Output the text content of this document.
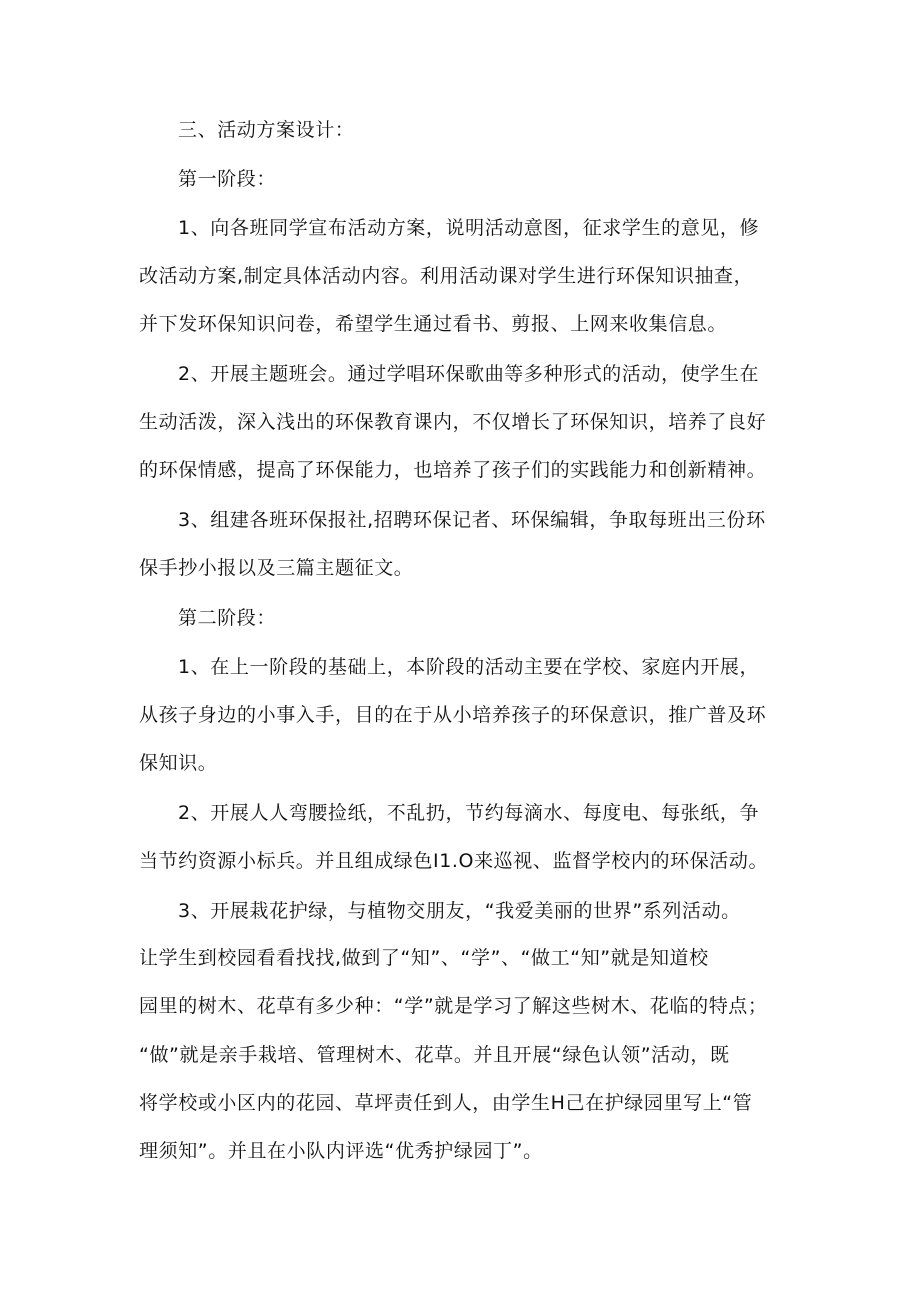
三、活动方案设计：
第一阶段：
1、向各班同学宣布活动方案，说明活动意图，征求学生的意见，修
改活动方案,制定具体活动内容。利用活动课对学生进行环保知识抽查，
并下发环保知识问卷，希望学生通过看书、剪报、上网来收集信息。
2、开展主题班会。通过学唱环保歌曲等多种形式的活动，使学生在
生动活泼，深入浅出的环保教育课内，不仅增长了环保知识，培养了良好
的环保情感，提高了环保能力，也培养了孩子们的实践能力和创新精神。
3、组建各班环保报社,招聘环保记者、环保编辑，争取每班出三份环
保手抄小报以及三篇主题征文。
第二阶段：
1、在上一阶段的基础上，本阶段的活动主要在学校、家庭内开展，
从孩子身边的小事入手，目的在于从小培养孩子的环保意识，推广普及环
保知识。
2、开展人人弯腰捡纸，不乱扔，节约每滴水、每度电、每张纸，争
当节约资源小标兵。并且组成绿色I1.O来巡视、监督学校内的环保活动。
3、开展栽花护绿，与植物交朋友，“我爱美丽的世界”系列活动。
让学生到校园看看找找,做到了“知”、“学”、“做工“知”就是知道校
园里的树木、花草有多少种：“学”就是学习了解这些树木、花临的特点；
“做”就是亲手栽培、管理树木、花草。并且开展“绿色认领”活动，既
将学校或小区内的花园、草坪责任到人，由学生H己在护绿园里写上“管
理须知”。并且在小队内评选“优秀护绿园丁”。
